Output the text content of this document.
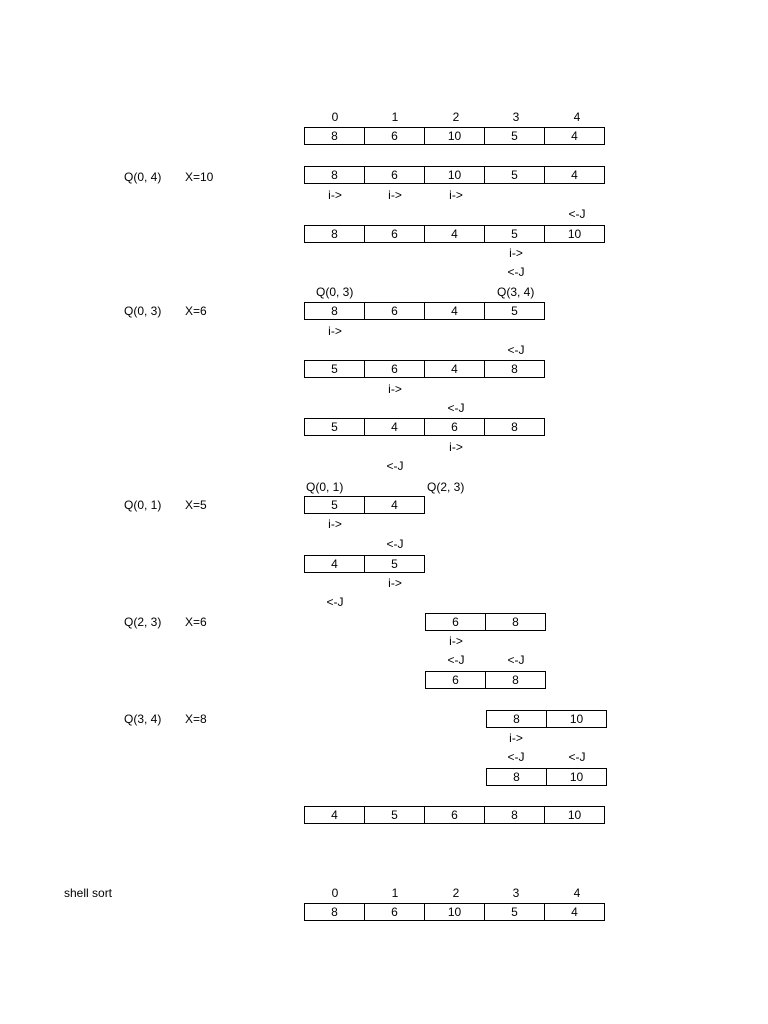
0	1	2	3	4
8	6	10	5	4
Q(0, 4) X=10	8	6	10	5	4
i->	i->	i->
<-J
8	6	4	5	10
i->
<-J
Q(0, 3)	Q(3, 4)
Q(0, 3) X=6	8	6	4	5
i->
<-J
5	6	4	8
i->
<-J
5	4	6	8
i->
<-J
Q(0, 1)	Q(2, 3)
Q(0, 1) X=5	5	4
i->
<-J
4	5
i->
<-J
Q(2, 3) X=6	6	8
i->
<-J	<-J
6	8
Q(3, 4) X=8	8	10
i->
<-J	<-J
8	10
4	5	6	8	10
shell sort	0	1	2	3	4
8	6	10	5	4
